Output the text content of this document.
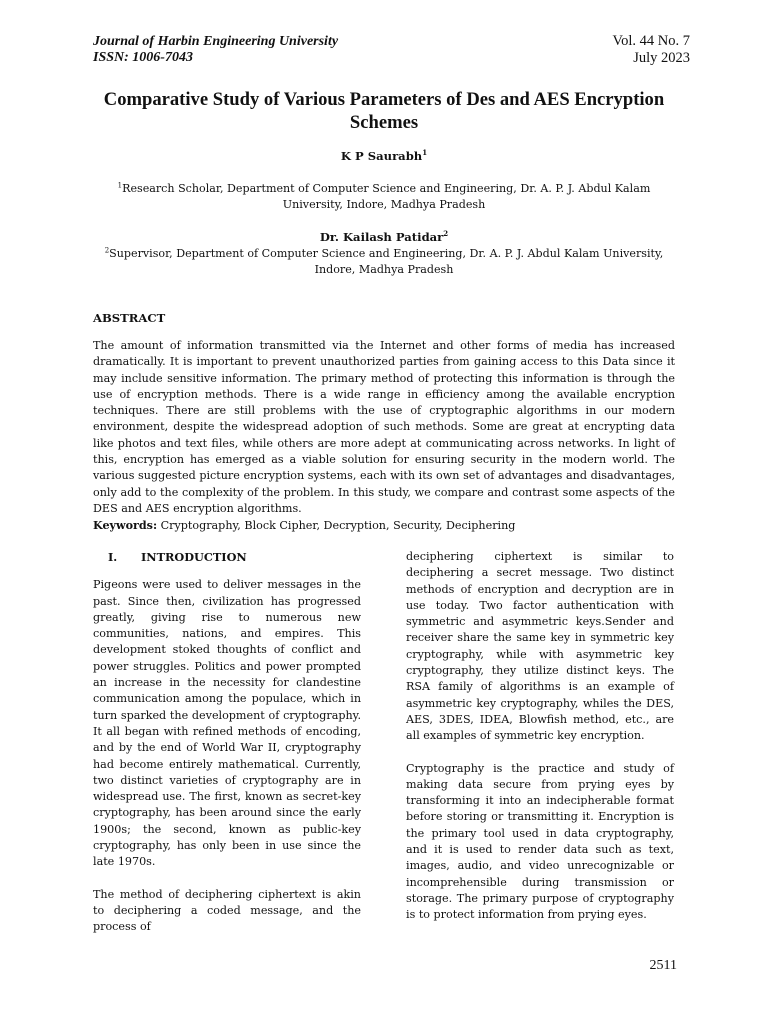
Journal of Harbin Engineering University
ISSN: 1006-7043
Vol. 44 No. 7
July 2023
Comparative Study of Various Parameters of Des and AES Encryption Schemes
K P Saurabh$^1$
$^1$Research Scholar, Department of Computer Science and Engineering, Dr. A. P. J. Abdul Kalam University, Indore, Madhya Pradesh
Dr. Kailash Patidar$^2$
$^2$Supervisor, Department of Computer Science and Engineering, Dr. A. P. J. Abdul Kalam University, Indore, Madhya Pradesh
ABSTRACT

The amount of information transmitted via the Internet and other forms of media has increased dramatically. It is important to prevent unauthorized parties from gaining access to this Data since it may include sensitive information. The primary method of protecting this information is through the use of encryption methods. There is a wide range in efficiency among the available encryption techniques. There are still problems with the use of cryptographic algorithms in our modern environment, despite the widespread adoption of such methods. Some are great at encrypting data like photos and text files, while others are more adept at communicating across networks. In light of this, encryption has emerged as a viable solution for ensuring security in the modern world. The various suggested picture encryption systems, each with its own set of advantages and disadvantages, only add to the complexity of the problem. In this study, we compare and contrast some aspects of the DES and AES encryption algorithms.

Keywords: Cryptography, Block Cipher, Decryption, Security, Deciphering
I. INTRODUCTION

Pigeons were used to deliver messages in the past. Since then, civilization has progressed greatly, giving rise to numerous new communities, nations, and empires. This development stoked thoughts of conflict and power struggles. Politics and power prompted an increase in the necessity for clandestine communication among the populace, which in turn sparked the development of cryptography. It all began with refined methods of encoding, and by the end of World War II, cryptography had become entirely mathematical. Currently, two distinct varieties of cryptography are in widespread use. The first, known as secret-key cryptography, has been around since the early 1900s; the second, known as public-key cryptography, has only been in use since the late 1970s.

The method of deciphering ciphertext is akin to deciphering a coded message, and the process of

deciphering ciphertext is similar to deciphering a secret message. Two distinct methods of encryption and decryption are in use today. Two factor authentication with symmetric and asymmetric keys.Sender and receiver share the same key in symmetric key cryptography, while with asymmetric key cryptography, they utilize distinct keys. The RSA family of algorithms is an example of asymmetric key cryptography, whiles the DES, AES, 3DES, IDEA, Blowfish method, etc., are all examples of symmetric key encryption.

Cryptography is the practice and study of making data secure from prying eyes by transforming it into an indecipherable format before storing or transmitting it. Encryption is the primary tool used in data cryptography, and it is used to render data such as text, images, audio, and video unrecognizable or incomprehensible during transmission or storage. The primary purpose of cryptography is to protect information from prying eyes.

2511
